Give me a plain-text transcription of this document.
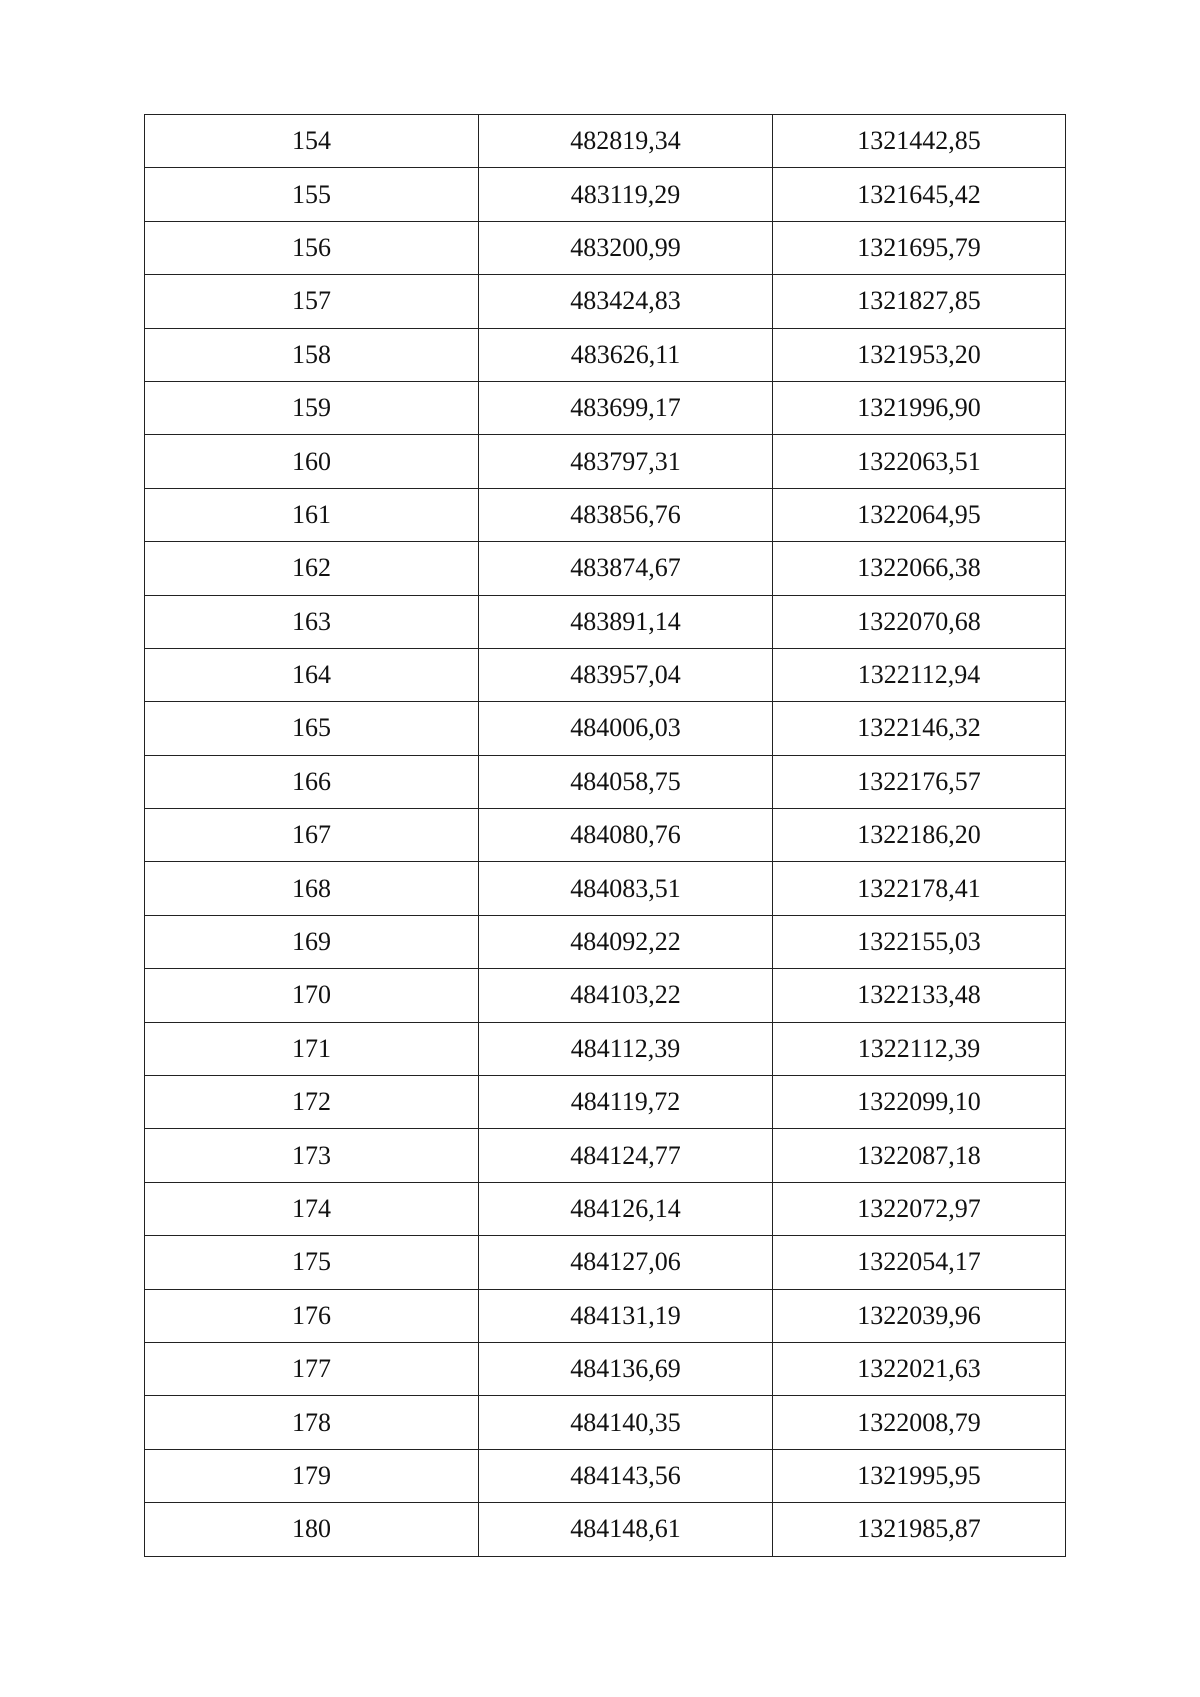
154	482819,34	1321442,85
155	483119,29	1321645,42
156	483200,99	1321695,79
157	483424,83	1321827,85
158	483626,11	1321953,20
159	483699,17	1321996,90
160	483797,31	1322063,51
161	483856,76	1322064,95
162	483874,67	1322066,38
163	483891,14	1322070,68
164	483957,04	1322112,94
165	484006,03	1322146,32
166	484058,75	1322176,57
167	484080,76	1322186,20
168	484083,51	1322178,41
169	484092,22	1322155,03
170	484103,22	1322133,48
171	484112,39	1322112,39
172	484119,72	1322099,10
173	484124,77	1322087,18
174	484126,14	1322072,97
175	484127,06	1322054,17
176	484131,19	1322039,96
177	484136,69	1322021,63
178	484140,35	1322008,79
179	484143,56	1321995,95
180	484148,61	1321985,87
